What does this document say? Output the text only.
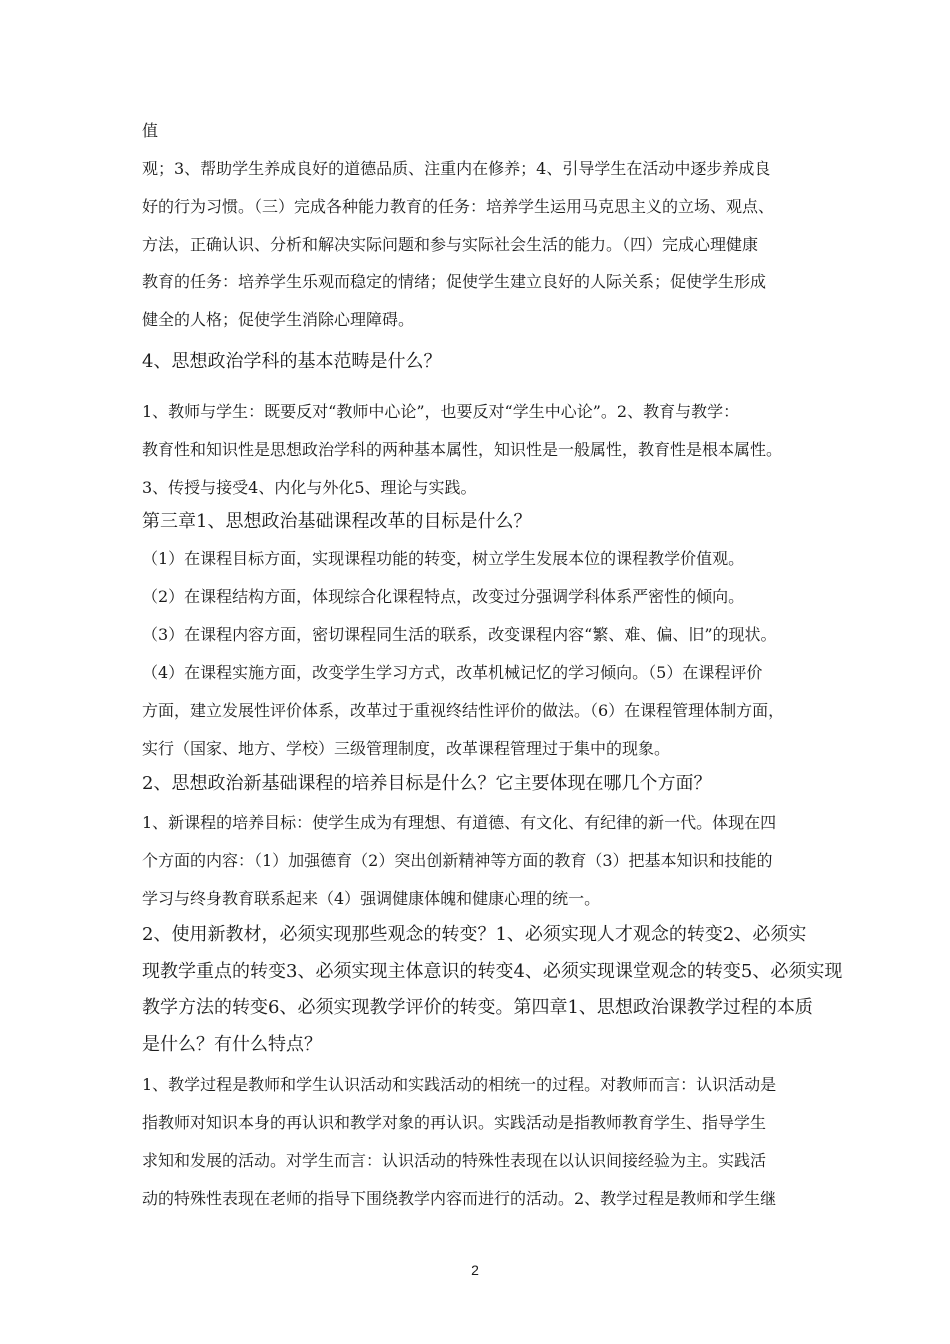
值
观；3、帮助学生养成良好的道德品质、注重内在修养；4、引导学生在活动中逐步养成良
好的行为习惯。（三）完成各种能力教育的任务：培养学生运用马克思主义的立场、观点、
方法，正确认识、分析和解决实际问题和参与实际社会生活的能力。（四）完成心理健康
教育的任务：培养学生乐观而稳定的情绪；促使学生建立良好的人际关系；促使学生形成
健全的人格；促使学生消除心理障碍。
4、思想政治学科的基本范畴是什么？
1、教师与学生：既要反对“教师中心论”，也要反对“学生中心论”。2、教育与教学：
教育性和知识性是思想政治学科的两种基本属性，知识性是一般属性，教育性是根本属性。
3、传授与接受4、内化与外化5、理论与实践。
第三章1、思想政治基础课程改革的目标是什么？
（1）在课程目标方面，实现课程功能的转变，树立学生发展本位的课程教学价值观。
（2）在课程结构方面，体现综合化课程特点，改变过分强调学科体系严密性的倾向。
（3）在课程内容方面，密切课程同生活的联系，改变课程内容“繁、难、偏、旧”的现状。
（4）在课程实施方面，改变学生学习方式，改革机械记忆的学习倾向。（5）在课程评价
方面，建立发展性评价体系，改革过于重视终结性评价的做法。（6）在课程管理体制方面，
实行（国家、地方、学校）三级管理制度，改革课程管理过于集中的现象。
2、思想政治新基础课程的培养目标是什么？它主要体现在哪几个方面？
1、新课程的培养目标：使学生成为有理想、有道德、有文化、有纪律的新一代。体现在四
个方面的内容：（1）加强德育（2）突出创新精神等方面的教育（3）把基本知识和技能的
学习与终身教育联系起来（4）强调健康体魄和健康心理的统一。
2、使用新教材，必须实现那些观念的转变？1、必须实现人才观念的转变2、必须实
现教学重点的转变3、必须实现主体意识的转变4、必须实现课堂观念的转变5、必须实现
教学方法的转变6、必须实现教学评价的转变。第四章1、思想政治课教学过程的本质
是什么？有什么特点？
1、教学过程是教师和学生认识活动和实践活动的相统一的过程。对教师而言：认识活动是
指教师对知识本身的再认识和教学对象的再认识。实践活动是指教师教育学生、指导学生
求知和发展的活动。对学生而言：认识活动的特殊性表现在以认识间接经验为主。实践活
动的特殊性表现在老师的指导下围绕教学内容而进行的活动。2、教学过程是教师和学生继
2
